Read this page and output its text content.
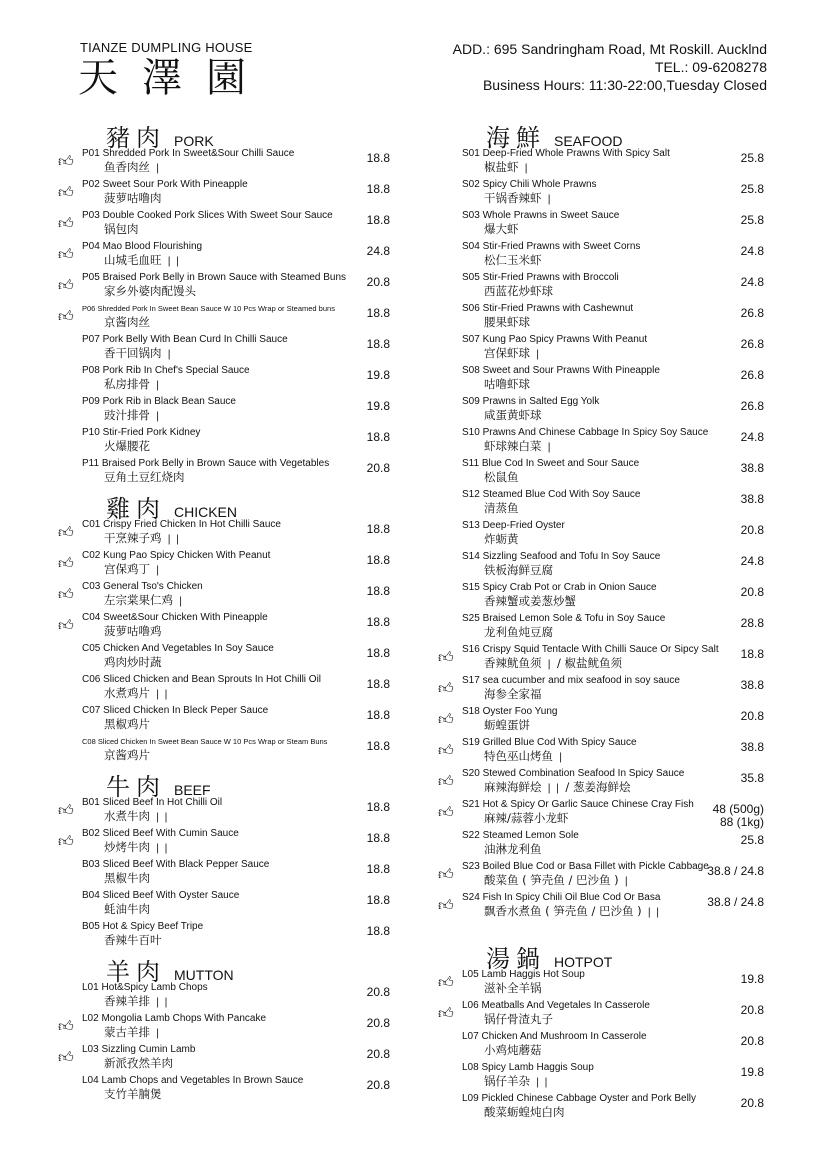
TIANZE DUMPLING HOUSE
天澤園
ADD.: 695 Sandringham Road, Mt Roskill. Aucklnd
TEL.: 09-6208278
Business Hours: 11:30-22:00,Tuesday Closed
豬肉 PORK
👍︎ P01 Shredded Pork In Sweet&Sour Chilli Sauce
鱼香肉丝 ❘
18.8
👍︎ P02 Sweet Sour Pork With Pineapple
菠萝咕噜肉
18.8
👍︎ P03 Double Cooked Pork Slices With Sweet Sour Sauce
锅包肉
18.8
👍︎ P04 Mao Blood Flourishing
山城毛血旺 ❘❘
24.8
👍︎ P05 Braised Pork Belly in Brown Sauce with Steamed Buns
家乡外婆肉配馒头
20.8
👍︎	P06 Shredded Pork In Sweet Bean Sauce W 10 Pcs Wrap or Steamed buns
京酱肉丝
18.8
P07 Pork Belly With Bean Curd In Chilli Sauce
香干回锅肉 ❘
18.8
P08 Pork Rib In Chef's Special Sauce
私房排骨 ❘
19.8
P09 Pork Rib in Black Bean Sauce
豉汁排骨 ❘
19.8
P10 Stir-Fried Pork Kidney
火爆腰花
18.8
P11 Braised Pork Belly in Brown Sauce with Vegetables
豆角土豆红烧肉
20.8
雞肉 CHICKEN
👍︎ C01 Crispy Fried Chicken In Hot Chilli Sauce
干烹辣子鸡 ❘❘
18.8
👍︎ C02 Kung Pao Spicy Chicken With Peanut
宫保鸡丁 ❘
18.8
👍︎ C03 General Tso's Chicken
左宗棠果仁鸡 ❘
18.8
👍︎ C04 Sweet&Sour Chicken With Pineapple
菠萝咕噜鸡
18.8
C05 Chicken And Vegetables In Soy Sauce
鸡肉炒时蔬
18.8
C06 Sliced Chicken and Bean Sprouts In Hot Chilli Oil
水煮鸡片 ❘❘
18.8
C07 Sliced Chicken In Bleck Peper Sauce
黑椒鸡片
18.8
C08 Sliced Chicken In Sweet Bean Sauce W 10 Pcs Wrap or Steam Buns
京酱鸡片
18.8
牛肉 BEEF
👍︎ B01 Sliced Beef In Hot Chilli Oil
水煮牛肉 ❘❘
18.8
👍︎ B02 Sliced Beef With Cumin Sauce
炒烤牛肉 ❘❘
18.8
B03 Sliced Beef With Black Pepper Sauce
黑椒牛肉
18.8
B04 Sliced Beef With Oyster Sauce
蚝油牛肉
18.8
B05 Hot & Spicy Beef Tripe
香辣牛百叶
18.8
羊肉 MUTTON
L01 Hot&Spicy Lamb Chops
香辣羊排 ❘❘
20.8
👍︎ L02 Mongolia Lamb Chops With Pancake
蒙古羊排 ❘
20.8
👍︎ L03 Sizzling Cumin Lamb
新派孜然羊肉
20.8
L04 Lamb Chops and Vegetables In Brown Sauce
支竹羊腩煲
20.8
海鮮 SEAFOOD
S01 Deep-Fried Whole Prawns With Spicy Salt
椒盐虾 ❘
25.8
S02 Spicy Chili Whole Prawns
干锅香辣虾 ❘
25.8
S03 Whole Prawns in Sweet Sauce
爆大虾
25.8
S04 Stir-Fried Prawns with Sweet Corns
松仁玉米虾
24.8
S05 Stir-Fried Prawns with Broccoli
西蓝花炒虾球
24.8
S06 Stir-Fried Prawns with Cashewnut
腰果虾球
26.8
S07 Kung Pao Spicy Prawns With Peanut
宫保虾球 ❘
26.8
S08 Sweet and Sour Prawns With Pineapple
咕噜虾球
26.8
S09 Prawns in Salted Egg Yolk
咸蛋黄虾球
26.8
S10 Prawns And Chinese Cabbage In Spicy Soy Sauce
虾球辣白菜 ❘
24.8
S11 Blue Cod In Sweet and Sour Sauce
松鼠鱼
38.8
S12 Steamed Blue Cod With Soy Sauce
清蒸鱼
38.8
S13 Deep-Fried Oyster
炸蛎黄
20.8
S14 Sizzling Seafood and Tofu In Soy Sauce
铁板海鲜豆腐
24.8
S15 Spicy Crab Pot or Crab in Onion Sauce
香辣蟹或姜葱炒蟹
20.8
S25 Braised Lemon Sole & Tofu in Soy Sauce
龙利鱼炖豆腐
28.8
👍︎ S16 Crispy Squid Tentacle With Chilli Sauce Or Sipcy Salt
香辣鱿鱼须 ❘ / 椒盐鱿鱼须
18.8
👍︎ S17 sea cucumber and mix seafood in soy sauce
海参全家福
38.8
👍︎ S18 Oyster Foo Yung
蛎蝗蛋饼
20.8
👍︎ S19 Grilled Blue Cod With Spicy Sauce
特色巫山烤鱼 ❘
38.8
👍︎ S20 Stewed Combination Seafood In Spicy Sauce
麻辣海鲜烩 ❘❘ / 葱姜海鲜烩
35.8
👍︎ S21 Hot & Spicy Or Garlic Sauce Chinese Cray Fish
麻辣/蒜蓉小龙虾
48 (500g)
88 (1kg)
S22 Steamed Lemon Sole
油淋龙利鱼
25.8
👍︎ S23 Boiled Blue Cod or Basa Fillet with Pickle Cabbage
酸菜鱼 ( 笋壳鱼 / 巴沙鱼 ) ❘
38.8 / 24.8
👍︎ S24 Fish In Spicy Chili Oil Blue Cod Or Basa
飘香水煮鱼 ( 笋壳鱼 / 巴沙鱼 ) ❘❘
38.8 / 24.8
湯鍋 HOTPOT
👍︎ L05 Lamb Haggis Hot Soup
滋补全羊锅
19.8
👍︎ L06 Meatballs And Vegetales In Casserole
锅仔骨渣丸子
20.8
L07 Chicken And Mushroom In Casserole
小鸡炖蘑菇
20.8
L08 Spicy Lamb Haggis Soup
锅仔羊杂 ❘❘
19.8
L09 Pickled Chinese Cabbage Oyster and Pork Belly
酸菜蛎蝗炖白肉
20.8
